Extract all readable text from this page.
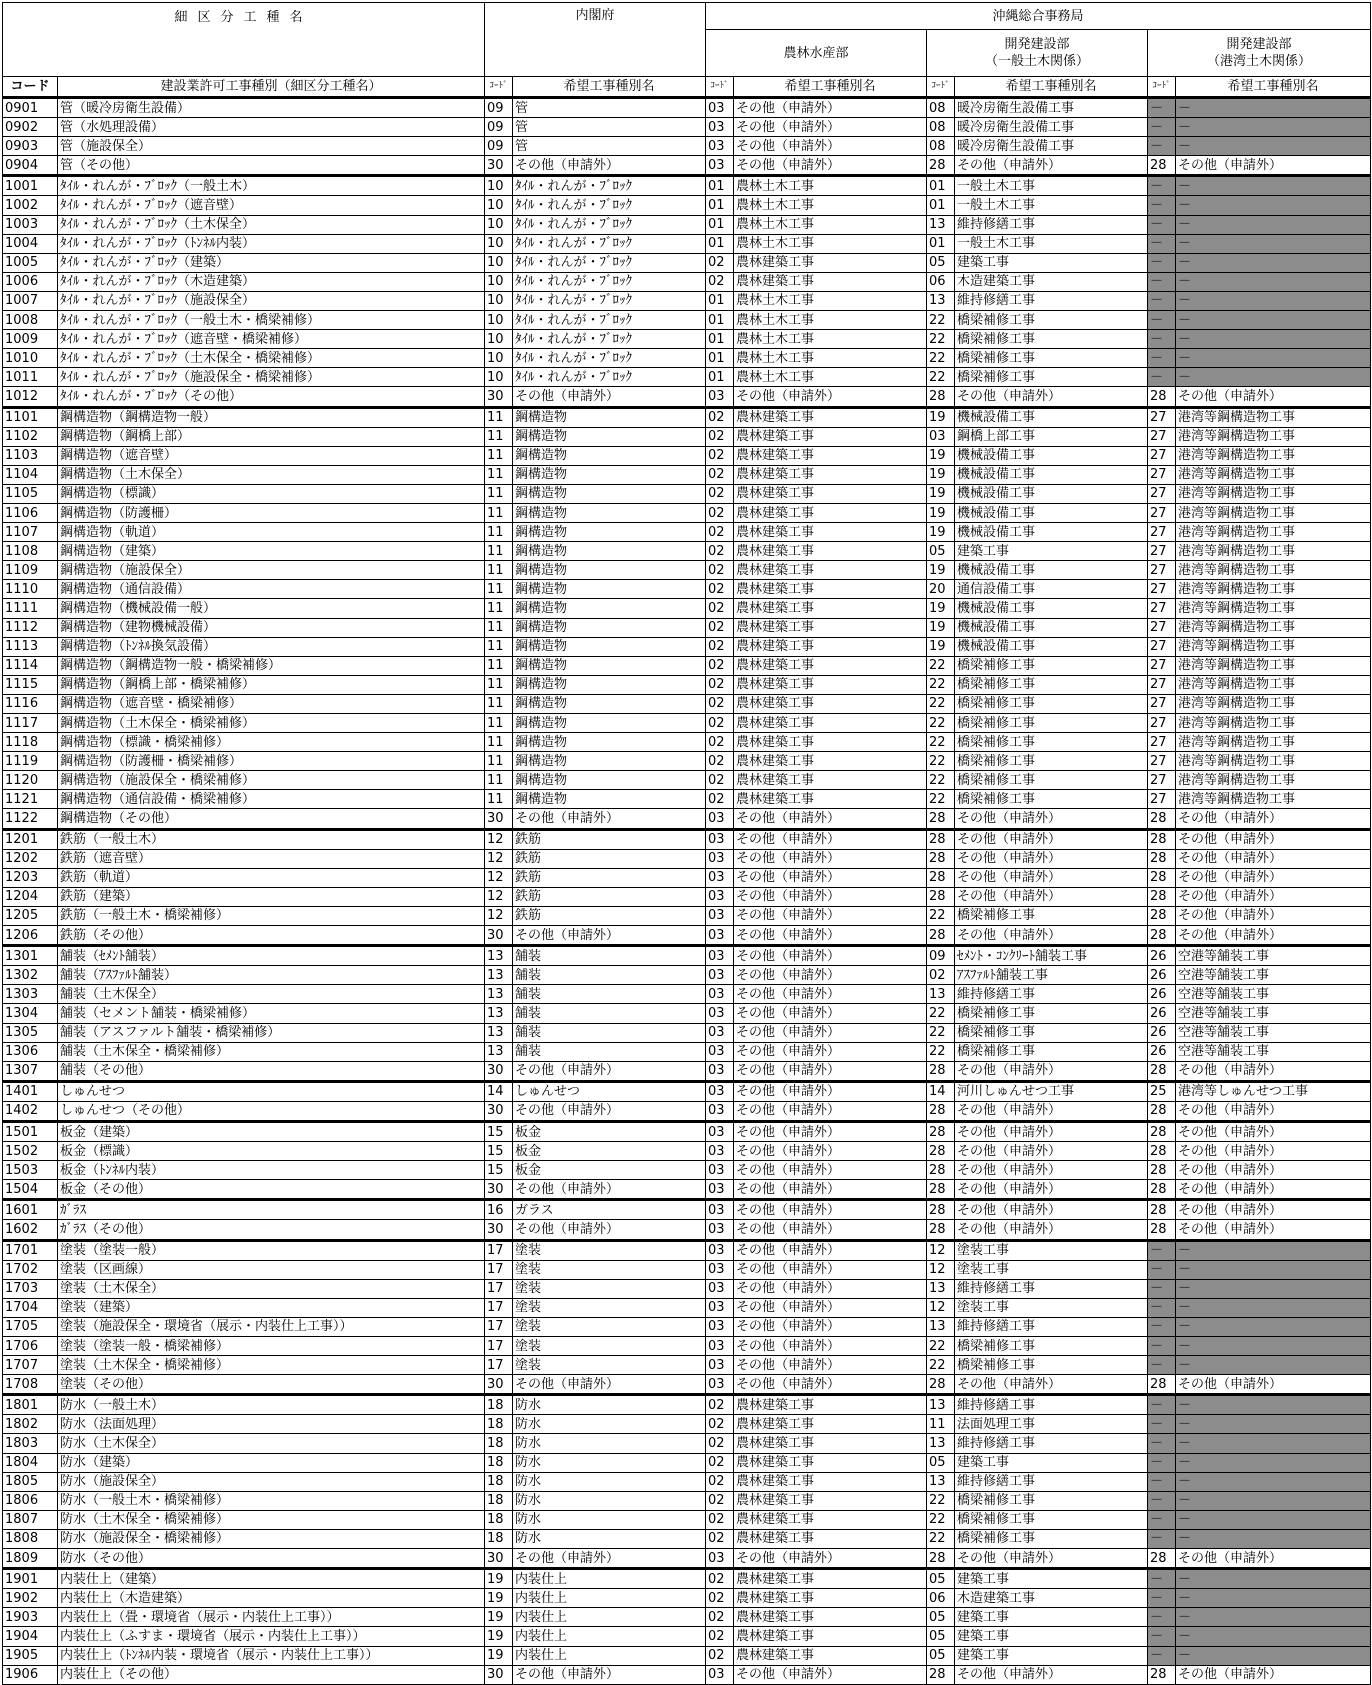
細区分工種名		内閣府		沖縄総合事務局					
				農林水産部		開発建設部
（一般土木関係）		開発建設部
（港湾土木関係）	
コード	建設業許可工事種別（細区分工種名）	ｺｰﾄﾞ	希望工事種別名	ｺｰﾄﾞ	希望工事種別名	ｺｰﾄﾞ	希望工事種別名	ｺｰﾄﾞ	希望工事種別名
0901	管（暖冷房衛生設備）	09	管	03	その他（申請外）	08	暖冷房衛生設備工事	－	－
0902	管（水処理設備）	09	管	03	その他（申請外）	08	暖冷房衛生設備工事	－	－
0903	管（施設保全）	09	管	03	その他（申請外）	08	暖冷房衛生設備工事	－	－
0904	管（その他）	30	その他（申請外）	03	その他（申請外）	28	その他（申請外）	28	その他（申請外）
1001	ﾀｲﾙ・れんが・ﾌﾞﾛｯｸ（一般土木）	10	ﾀｲﾙ・れんが・ﾌﾞﾛｯｸ	01	農林土木工事	01	一般土木工事	－	－
1002	ﾀｲﾙ・れんが・ﾌﾞﾛｯｸ（遮音壁）	10	ﾀｲﾙ・れんが・ﾌﾞﾛｯｸ	01	農林土木工事	01	一般土木工事	－	－
1003	ﾀｲﾙ・れんが・ﾌﾞﾛｯｸ（土木保全）	10	ﾀｲﾙ・れんが・ﾌﾞﾛｯｸ	01	農林土木工事	13	維持修繕工事	－	－
1004	ﾀｲﾙ・れんが・ﾌﾞﾛｯｸ（ﾄﾝﾈﾙ内装）	10	ﾀｲﾙ・れんが・ﾌﾞﾛｯｸ	01	農林土木工事	01	一般土木工事	－	－
1005	ﾀｲﾙ・れんが・ﾌﾞﾛｯｸ（建築）	10	ﾀｲﾙ・れんが・ﾌﾞﾛｯｸ	02	農林建築工事	05	建築工事	－	－
1006	ﾀｲﾙ・れんが・ﾌﾞﾛｯｸ（木造建築）	10	ﾀｲﾙ・れんが・ﾌﾞﾛｯｸ	02	農林建築工事	06	木造建築工事	－	－
1007	ﾀｲﾙ・れんが・ﾌﾞﾛｯｸ（施設保全）	10	ﾀｲﾙ・れんが・ﾌﾞﾛｯｸ	01	農林土木工事	13	維持修繕工事	－	－
1008	ﾀｲﾙ・れんが・ﾌﾞﾛｯｸ（一般土木・橋梁補修）	10	ﾀｲﾙ・れんが・ﾌﾞﾛｯｸ	01	農林土木工事	22	橋梁補修工事	－	－
1009	ﾀｲﾙ・れんが・ﾌﾞﾛｯｸ（遮音壁・橋梁補修）	10	ﾀｲﾙ・れんが・ﾌﾞﾛｯｸ	01	農林土木工事	22	橋梁補修工事	－	－
1010	ﾀｲﾙ・れんが・ﾌﾞﾛｯｸ（土木保全・橋梁補修）	10	ﾀｲﾙ・れんが・ﾌﾞﾛｯｸ	01	農林土木工事	22	橋梁補修工事	－	－
1011	ﾀｲﾙ・れんが・ﾌﾞﾛｯｸ（施設保全・橋梁補修）	10	ﾀｲﾙ・れんが・ﾌﾞﾛｯｸ	01	農林土木工事	22	橋梁補修工事	－	－
1012	ﾀｲﾙ・れんが・ﾌﾞﾛｯｸ（その他）	30	その他（申請外）	03	その他（申請外）	28	その他（申請外）	28	その他（申請外）
1101	鋼構造物（鋼構造物一般）	11	鋼構造物	02	農林建築工事	19	機械設備工事	27	港湾等鋼構造物工事
1102	鋼構造物（鋼橋上部）	11	鋼構造物	02	農林建築工事	03	鋼橋上部工事	27	港湾等鋼構造物工事
1103	鋼構造物（遮音壁）	11	鋼構造物	02	農林建築工事	19	機械設備工事	27	港湾等鋼構造物工事
1104	鋼構造物（土木保全）	11	鋼構造物	02	農林建築工事	19	機械設備工事	27	港湾等鋼構造物工事
1105	鋼構造物（標識）	11	鋼構造物	02	農林建築工事	19	機械設備工事	27	港湾等鋼構造物工事
1106	鋼構造物（防護柵）	11	鋼構造物	02	農林建築工事	19	機械設備工事	27	港湾等鋼構造物工事
1107	鋼構造物（軌道）	11	鋼構造物	02	農林建築工事	19	機械設備工事	27	港湾等鋼構造物工事
1108	鋼構造物（建築）	11	鋼構造物	02	農林建築工事	05	建築工事	27	港湾等鋼構造物工事
1109	鋼構造物（施設保全）	11	鋼構造物	02	農林建築工事	19	機械設備工事	27	港湾等鋼構造物工事
1110	鋼構造物（通信設備）	11	鋼構造物	02	農林建築工事	20	通信設備工事	27	港湾等鋼構造物工事
1111	鋼構造物（機械設備一般）	11	鋼構造物	02	農林建築工事	19	機械設備工事	27	港湾等鋼構造物工事
1112	鋼構造物（建物機械設備）	11	鋼構造物	02	農林建築工事	19	機械設備工事	27	港湾等鋼構造物工事
1113	鋼構造物（ﾄﾝﾈﾙ換気設備）	11	鋼構造物	02	農林建築工事	19	機械設備工事	27	港湾等鋼構造物工事
1114	鋼構造物（鋼構造物一般・橋梁補修）	11	鋼構造物	02	農林建築工事	22	橋梁補修工事	27	港湾等鋼構造物工事
1115	鋼構造物（鋼橋上部・橋梁補修）	11	鋼構造物	02	農林建築工事	22	橋梁補修工事	27	港湾等鋼構造物工事
1116	鋼構造物（遮音壁・橋梁補修）	11	鋼構造物	02	農林建築工事	22	橋梁補修工事	27	港湾等鋼構造物工事
1117	鋼構造物（土木保全・橋梁補修）	11	鋼構造物	02	農林建築工事	22	橋梁補修工事	27	港湾等鋼構造物工事
1118	鋼構造物（標識・橋梁補修）	11	鋼構造物	02	農林建築工事	22	橋梁補修工事	27	港湾等鋼構造物工事
1119	鋼構造物（防護柵・橋梁補修）	11	鋼構造物	02	農林建築工事	22	橋梁補修工事	27	港湾等鋼構造物工事
1120	鋼構造物（施設保全・橋梁補修）	11	鋼構造物	02	農林建築工事	22	橋梁補修工事	27	港湾等鋼構造物工事
1121	鋼構造物（通信設備・橋梁補修）	11	鋼構造物	02	農林建築工事	22	橋梁補修工事	27	港湾等鋼構造物工事
1122	鋼構造物（その他）	30	その他（申請外）	03	その他（申請外）	28	その他（申請外）	28	その他（申請外）
1201	鉄筋（一般土木）	12	鉄筋	03	その他（申請外）	28	その他（申請外）	28	その他（申請外）
1202	鉄筋（遮音壁）	12	鉄筋	03	その他（申請外）	28	その他（申請外）	28	その他（申請外）
1203	鉄筋（軌道）	12	鉄筋	03	その他（申請外）	28	その他（申請外）	28	その他（申請外）
1204	鉄筋（建築）	12	鉄筋	03	その他（申請外）	28	その他（申請外）	28	その他（申請外）
1205	鉄筋（一般土木・橋梁補修）	12	鉄筋	03	その他（申請外）	22	橋梁補修工事	28	その他（申請外）
1206	鉄筋（その他）	30	その他（申請外）	03	その他（申請外）	28	その他（申請外）	28	その他（申請外）
1301	舗装（ｾﾒﾝﾄ舗装）	13	舗装	03	その他（申請外）	09	ｾﾒﾝﾄ・ｺﾝｸﾘｰﾄ舗装工事	26	空港等舗装工事
1302	舗装（ｱｽﾌｧﾙﾄ舗装）	13	舗装	03	その他（申請外）	02	ｱｽﾌｧﾙﾄ舗装工事	26	空港等舗装工事
1303	舗装（土木保全）	13	舗装	03	その他（申請外）	13	維持修繕工事	26	空港等舗装工事
1304	舗装（セメント舗装・橋梁補修）	13	舗装	03	その他（申請外）	22	橋梁補修工事	26	空港等舗装工事
1305	舗装（アスファルト舗装・橋梁補修）	13	舗装	03	その他（申請外）	22	橋梁補修工事	26	空港等舗装工事
1306	舗装（土木保全・橋梁補修）	13	舗装	03	その他（申請外）	22	橋梁補修工事	26	空港等舗装工事
1307	舗装（その他）	30	その他（申請外）	03	その他（申請外）	28	その他（申請外）	28	その他（申請外）
1401	しゅんせつ	14	しゅんせつ	03	その他（申請外）	14	河川しゅんせつ工事	25	港湾等しゅんせつ工事
1402	しゅんせつ（その他）	30	その他（申請外）	03	その他（申請外）	28	その他（申請外）	28	その他（申請外）
1501	板金（建築）	15	板金	03	その他（申請外）	28	その他（申請外）	28	その他（申請外）
1502	板金（標識）	15	板金	03	その他（申請外）	28	その他（申請外）	28	その他（申請外）
1503	板金（ﾄﾝﾈﾙ内装）	15	板金	03	その他（申請外）	28	その他（申請外）	28	その他（申請外）
1504	板金（その他）	30	その他（申請外）	03	その他（申請外）	28	その他（申請外）	28	その他（申請外）
1601	ｶﾞﾗｽ	16	ガラス	03	その他（申請外）	28	その他（申請外）	28	その他（申請外）
1602	ｶﾞﾗｽ（その他）	30	その他（申請外）	03	その他（申請外）	28	その他（申請外）	28	その他（申請外）
1701	塗装（塗装一般）	17	塗装	03	その他（申請外）	12	塗装工事	－	－
1702	塗装（区画線）	17	塗装	03	その他（申請外）	12	塗装工事	－	－
1703	塗装（土木保全）	17	塗装	03	その他（申請外）	13	維持修繕工事	－	－
1704	塗装（建築）	17	塗装	03	その他（申請外）	12	塗装工事	－	－
1705	塗装（施設保全・環境省（展示・内装仕上工事））	17	塗装	03	その他（申請外）	13	維持修繕工事	－	－
1706	塗装（塗装一般・橋梁補修）	17	塗装	03	その他（申請外）	22	橋梁補修工事	－	－
1707	塗装（土木保全・橋梁補修）	17	塗装	03	その他（申請外）	22	橋梁補修工事	－	－
1708	塗装（その他）	30	その他（申請外）	03	その他（申請外）	28	その他（申請外）	28	その他（申請外）
1801	防水（一般土木）	18	防水	02	農林建築工事	13	維持修繕工事	－	－
1802	防水（法面処理）	18	防水	02	農林建築工事	11	法面処理工事	－	－
1803	防水（土木保全）	18	防水	02	農林建築工事	13	維持修繕工事	－	－
1804	防水（建築）	18	防水	02	農林建築工事	05	建築工事	－	－
1805	防水（施設保全）	18	防水	02	農林建築工事	13	維持修繕工事	－	－
1806	防水（一般土木・橋梁補修）	18	防水	02	農林建築工事	22	橋梁補修工事	－	－
1807	防水（土木保全・橋梁補修）	18	防水	02	農林建築工事	22	橋梁補修工事	－	－
1808	防水（施設保全・橋梁補修）	18	防水	02	農林建築工事	22	橋梁補修工事	－	－
1809	防水（その他）	30	その他（申請外）	03	その他（申請外）	28	その他（申請外）	28	その他（申請外）
1901	内装仕上（建築）	19	内装仕上	02	農林建築工事	05	建築工事	－	－
1902	内装仕上（木造建築）	19	内装仕上	02	農林建築工事	06	木造建築工事	－	－
1903	内装仕上（畳・環境省（展示・内装仕上工事））	19	内装仕上	02	農林建築工事	05	建築工事	－	－
1904	内装仕上（ふすま・環境省（展示・内装仕上工事））	19	内装仕上	02	農林建築工事	05	建築工事	－	－
1905	内装仕上（ﾄﾝﾈﾙ内装・環境省（展示・内装仕上工事））	19	内装仕上	02	農林建築工事	05	建築工事	－	－
1906	内装仕上（その他）	30	その他（申請外）	03	その他（申請外）	28	その他（申請外）	28	その他（申請外）
